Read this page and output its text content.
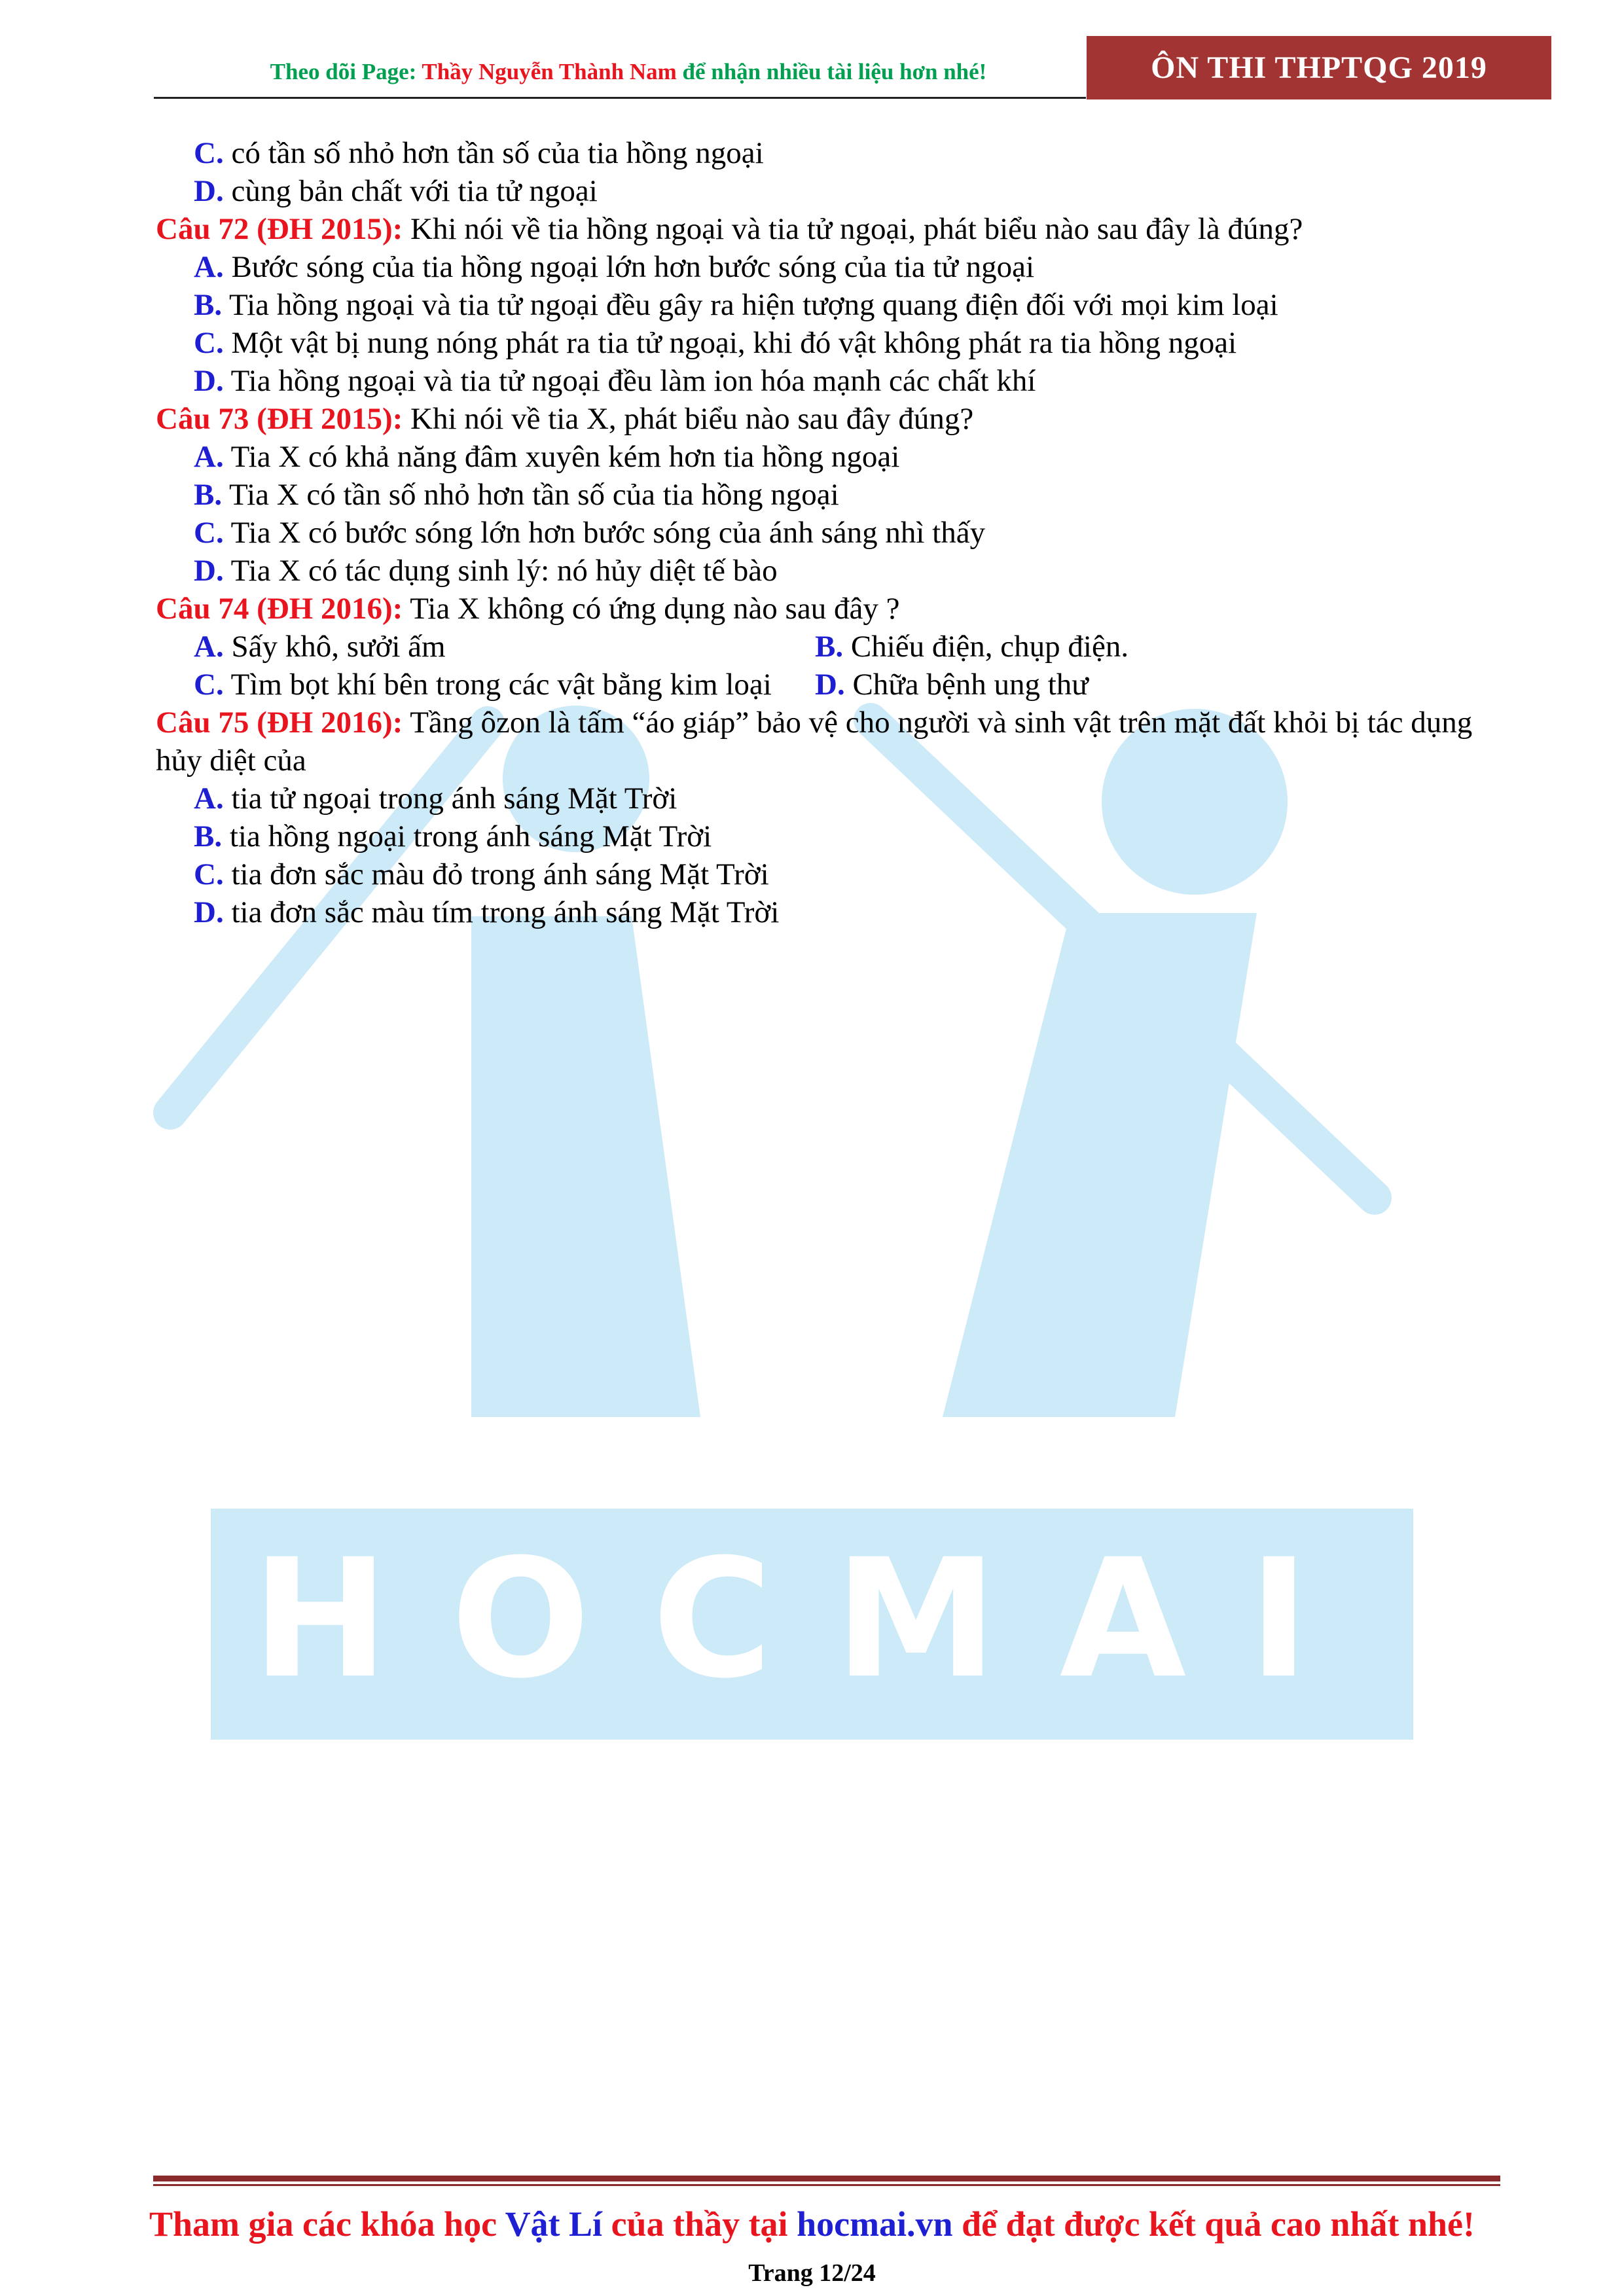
Theo dõi Page: Thầy Nguyễn Thành Nam để nhận nhiều tài liệu hơn nhé!	ÔN THI THPTQG 2019
HOCMAI
C. có tần số nhỏ hơn tần số của tia hồng ngoại
D. cùng bản chất với tia tử ngoại
Câu 72 (ĐH 2015): Khi nói về tia hồng ngoại và tia tử ngoại, phát biểu nào sau đây là đúng?
A. Bước sóng của tia hồng ngoại lớn hơn bước sóng của tia tử ngoại
B. Tia hồng ngoại và tia tử ngoại đều gây ra hiện tượng quang điện đối với mọi kim loại
C. Một vật bị nung nóng phát ra tia tử ngoại, khi đó vật không phát ra tia hồng ngoại
D. Tia hồng ngoại và tia tử ngoại đều làm ion hóa mạnh các chất khí
Câu 73 (ĐH 2015): Khi nói về tia X, phát biểu nào sau đây đúng?
A. Tia X có khả năng đâm xuyên kém hơn tia hồng ngoại
B. Tia X có tần số nhỏ hơn tần số của tia hồng ngoại
C. Tia X có bước sóng lớn hơn bước sóng của ánh sáng nhì thấy
D. Tia X có tác dụng sinh lý: nó hủy diệt tế bào
Câu 74 (ĐH 2016): Tia X không có ứng dụng nào sau đây ?
A. Sấy khô, sưởi ấm	B. Chiếu điện, chụp điện.
C. Tìm bọt khí bên trong các vật bằng kim loại D. Chữa bệnh ung thư
Câu 75 (ĐH 2016): Tầng ôzon là tấm “áo giáp” bảo vệ cho người và sinh vật trên mặt đất khỏi bị tác dụng hủy diệt của
A. tia tử ngoại trong ánh sáng Mặt Trời
B. tia hồng ngoại trong ánh sáng Mặt Trời
C. tia đơn sắc màu đỏ trong ánh sáng Mặt Trời
D. tia đơn sắc màu tím trong ánh sáng Mặt Trời
Tham gia các khóa học Vật Lí của thầy tại hocmai.vn để đạt được kết quả cao nhất nhé!
Trang 12/24
